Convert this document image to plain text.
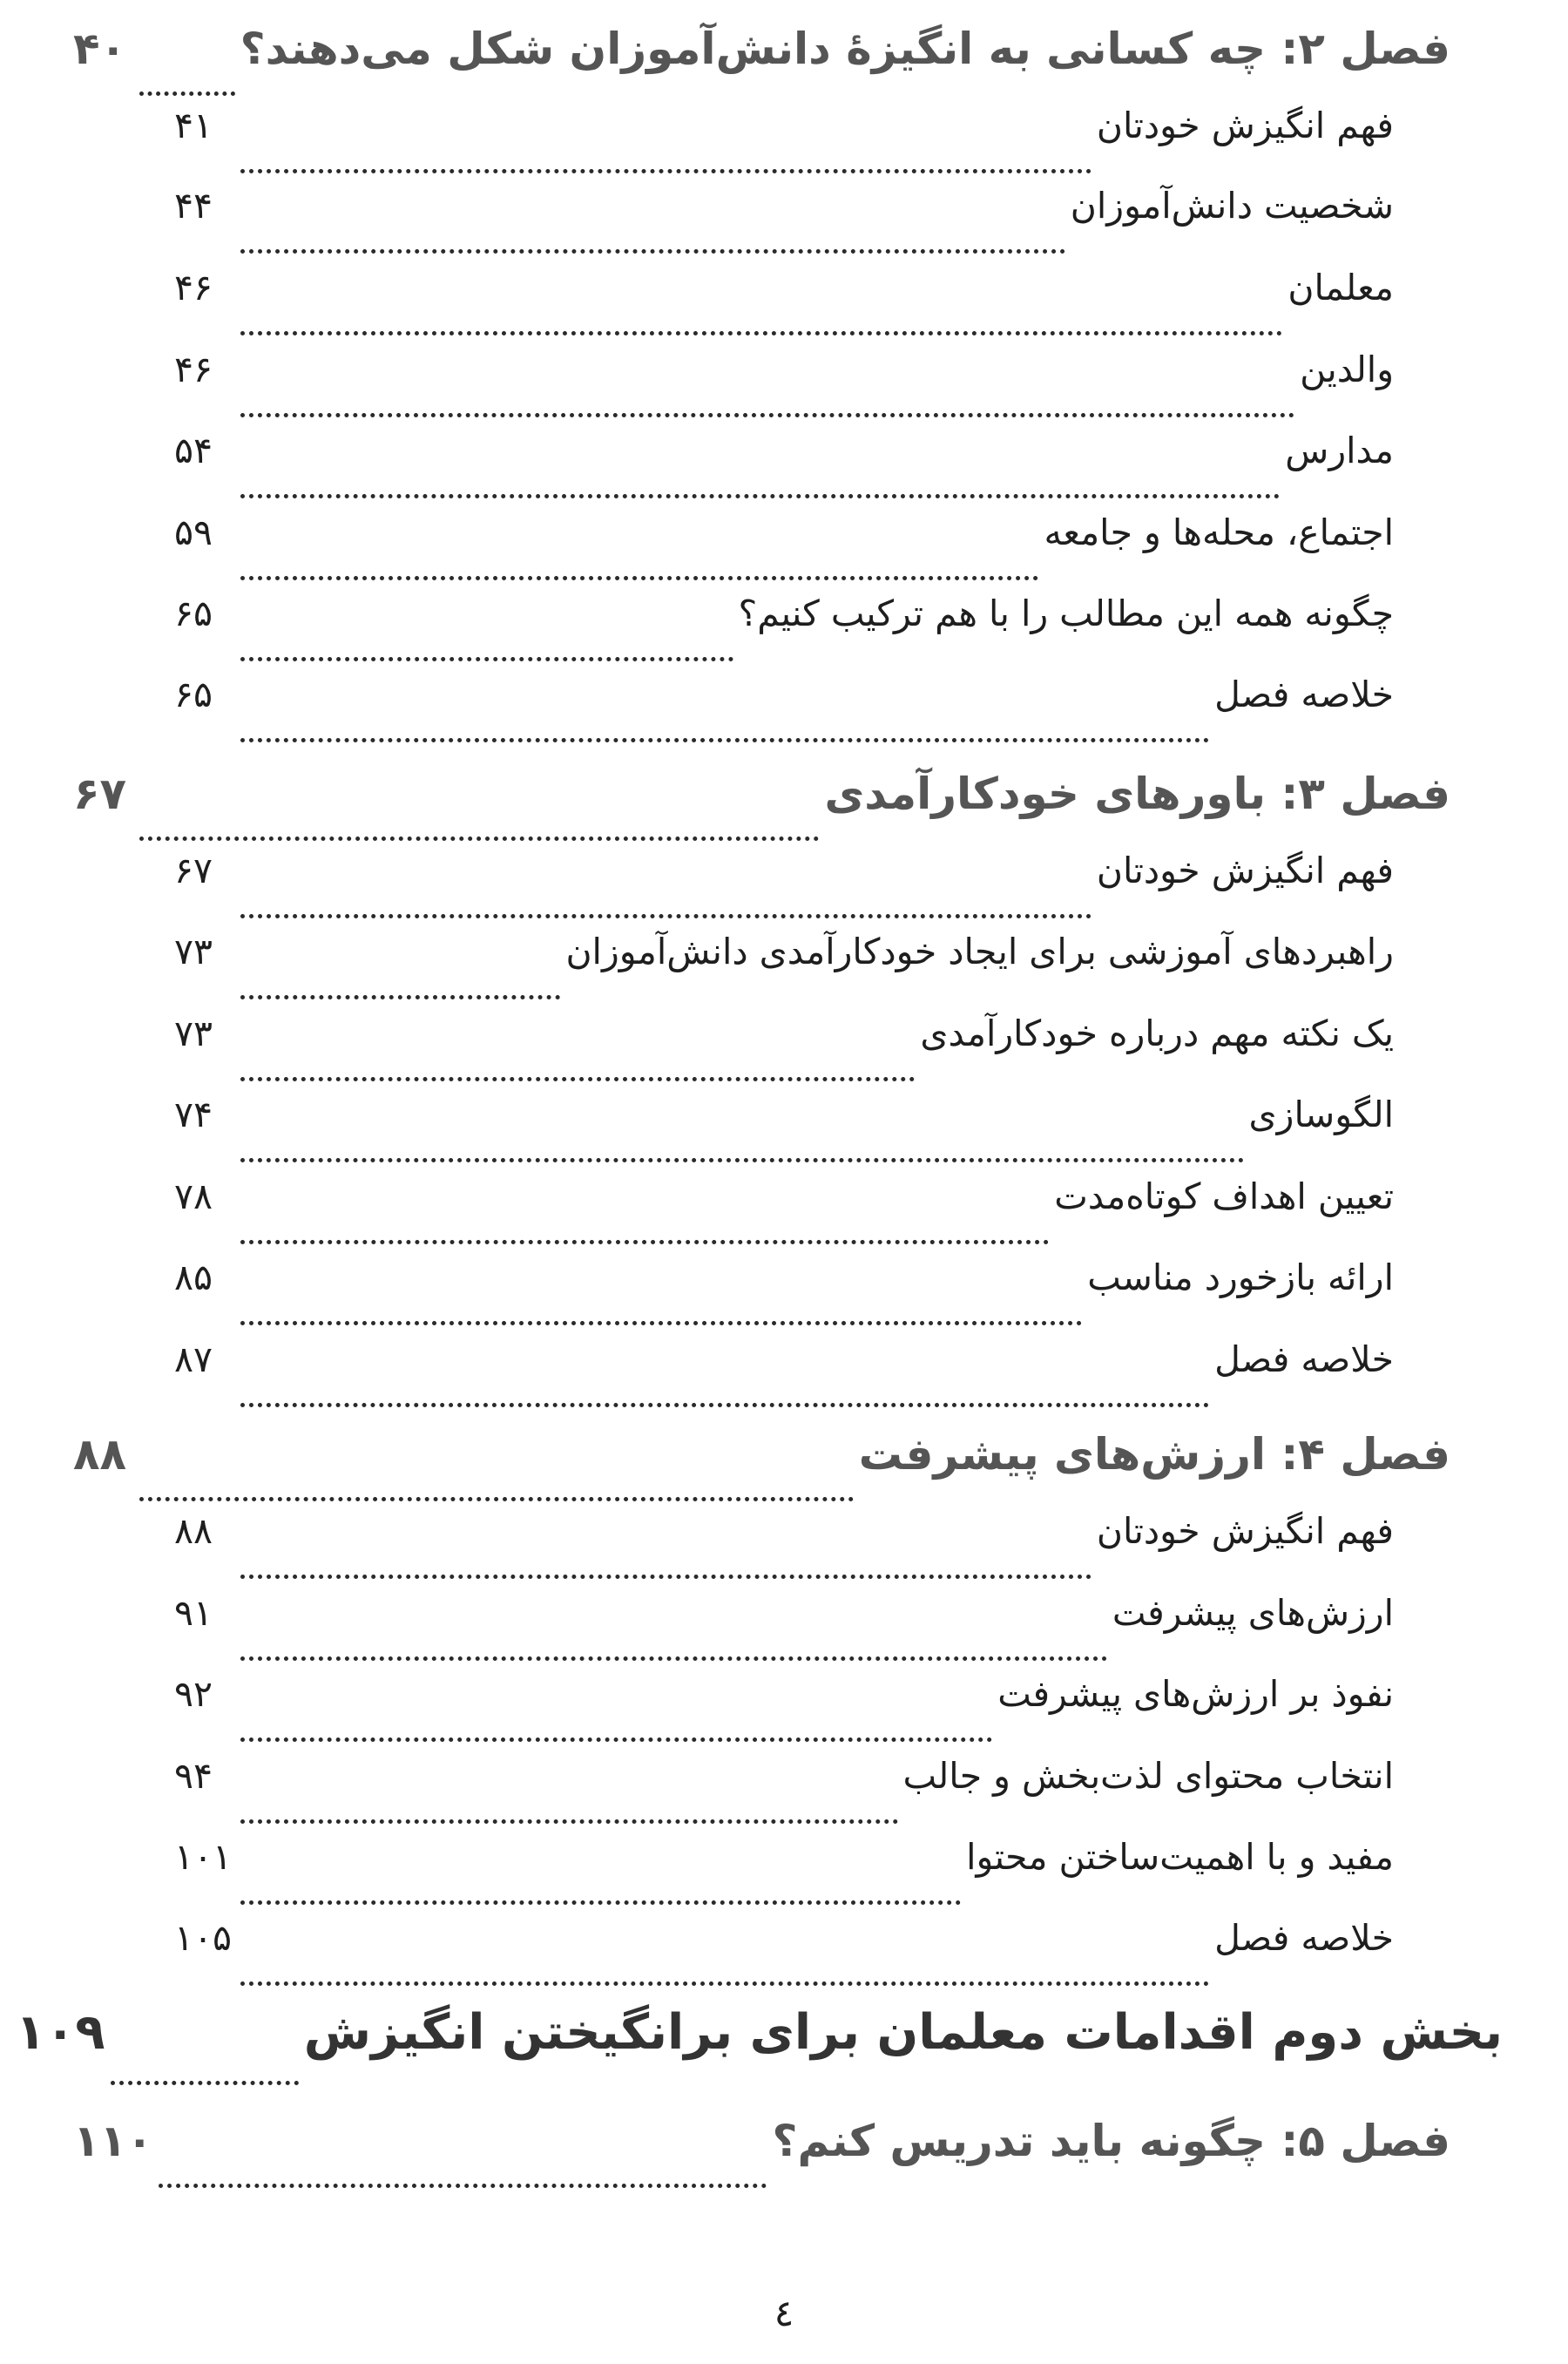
فصل ۲: چه کسانی به انگیزۀ دانش‌آموزان شکل می‌دهند؟
۴۰
فهم انگیزش خودتان
۴۱
شخصیت دانش‌آموزان
۴۴
معلمان
۴۶
والدین
۴۶
مدارس
۵۴
اجتماع، محله‌ها و جامعه
۵۹
چگونه همه این مطالب را با هم ترکیب کنیم؟
۶۵
خلاصه فصل
۶۵
فصل ۳: باورهای خودکارآمدی
۶۷
فهم انگیزش خودتان
۶۷
راهبردهای آموزشی برای ایجاد خودکارآمدی دانش‌آموزان
۷۳
یک نکته مهم درباره خودکارآمدی
۷۳
الگوسازی
۷۴
تعیین اهداف کوتاه‌مدت
۷۸
ارائه بازخورد مناسب
۸۵
خلاصه فصل
۸۷
فصل ۴: ارزش‌های پیشرفت
۸۸
فهم انگیزش خودتان
۸۸
ارزش‌های پیشرفت
۹۱
نفوذ بر ارزش‌های پیشرفت
۹۲
انتخاب محتوای لذت‌بخش و جالب
۹۴
مفید و با اهمیت‌ساختن محتوا
۱۰۱
خلاصه فصل
۱۰۵
بخش دوم اقدامات معلمان برای برانگیختن انگیزش
۱۰۹
فصل ۵: چگونه باید تدریس کنم؟
۱۱۰
٤
